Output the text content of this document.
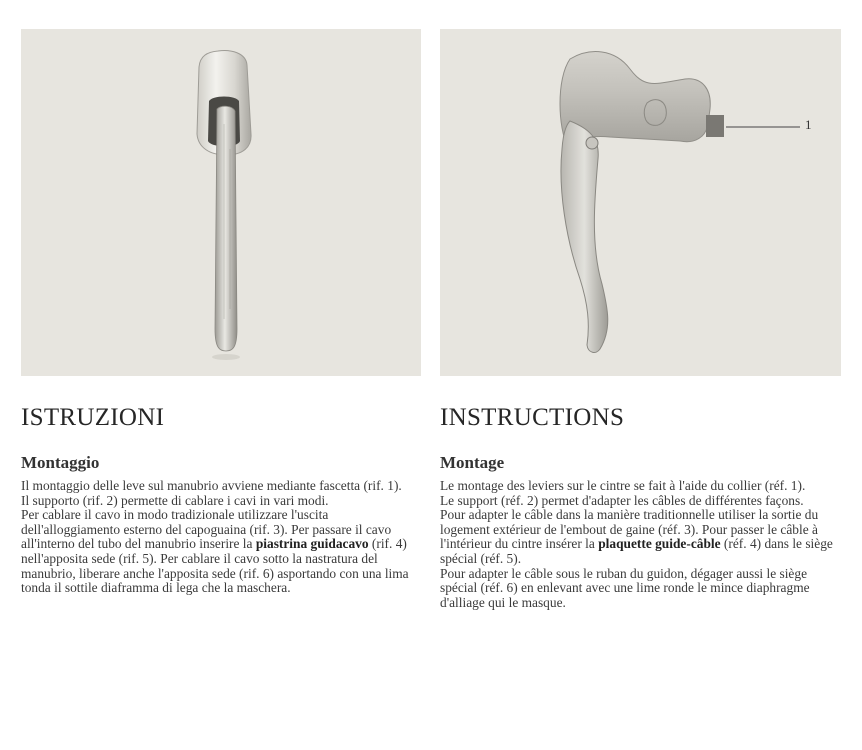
1
ISTRUZIONI
Montaggio

Il montaggio delle leve sul manubrio avviene mediante fascetta (rif. 1).

Il supporto (rif. 2) permette di cablare i cavi in vari modi.

Per cablare il cavo in modo tradizionale utilizzare l'uscita dell'alloggiamento esterno del capoguaina (rif. 3). Per passare il cavo all'interno del tubo del manubrio inserire la piastrina guidacavo (rif. 4) nell'apposita sede (rif. 5). Per cablare il cavo sotto la nastratura del manubrio, liberare anche l'apposita sede (rif. 6) asportando con una lima tonda il sottile diaframma di lega che la maschera.

INSTRUCTIONS
Montage

Le montage des leviers sur le cintre se fait à l'aide du collier (réf. 1).

Le support (réf. 2) permet d'adapter les câbles de différentes façons.

Pour adapter le câble dans la manière traditionnelle utiliser la sortie du logement extérieur de l'embout de gaine (réf. 3). Pour passer le câble à l'intérieur du cintre insérer la plaquette guide-câble (réf. 4) dans le siège spécial (réf. 5).

Pour adapter le câble sous le ruban du guidon, dégager aussi le siège spécial (réf. 6) en enlevant avec une lime ronde le mince diaphragme d'alliage qui le masque.
